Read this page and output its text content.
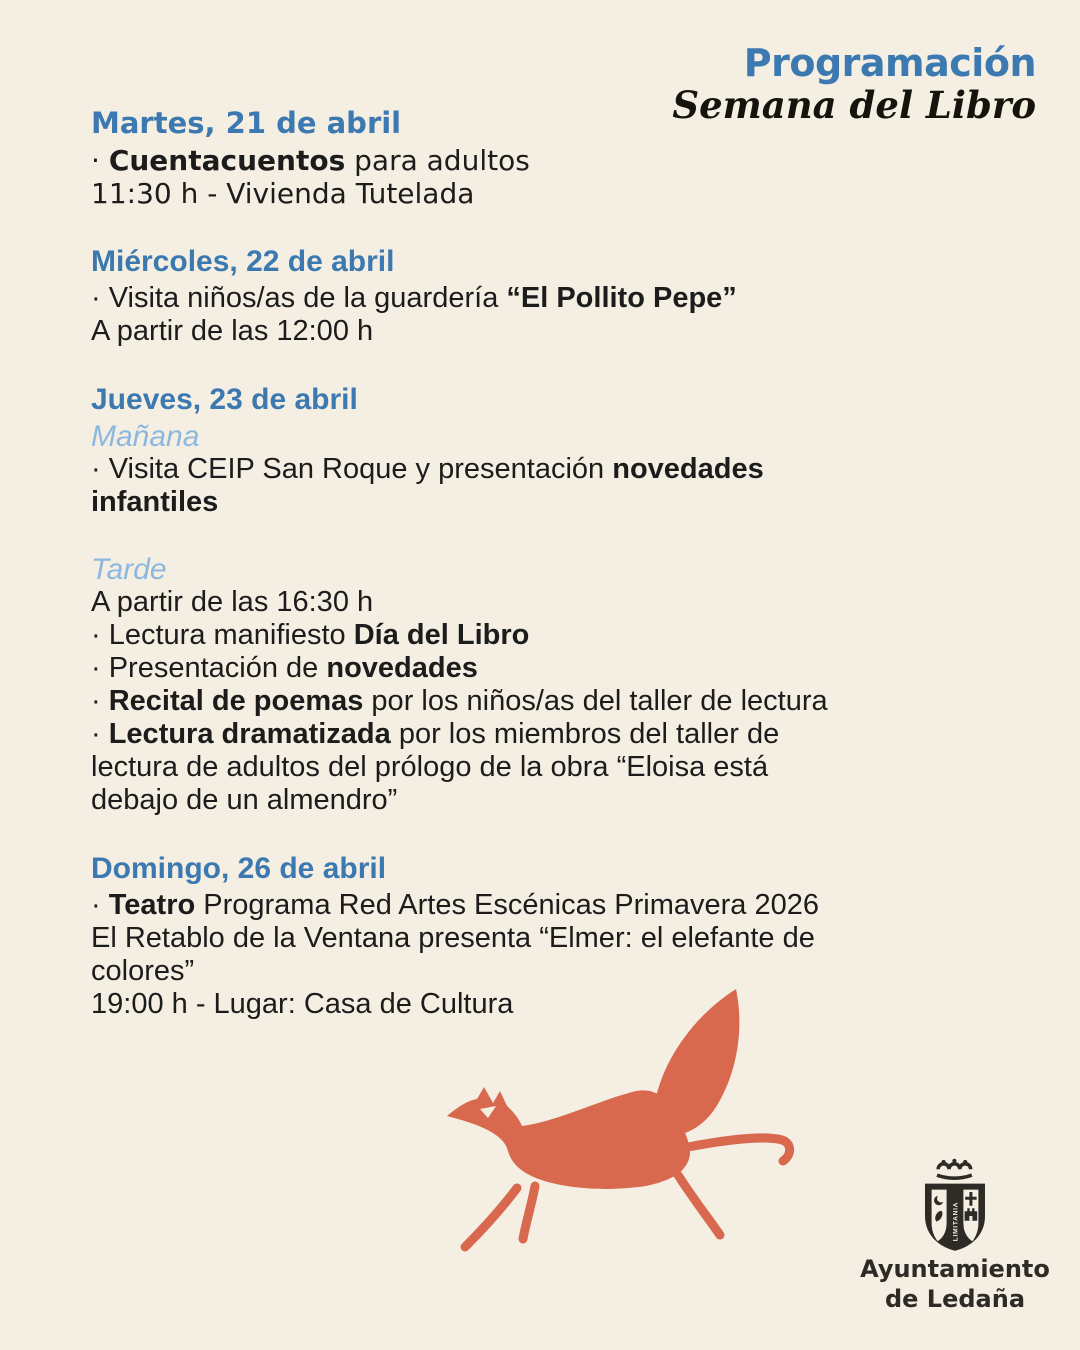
Programación
Semana del Libro
Martes, 21 de abril

· Cuentacuentos para adultos

11:30 h - Vivienda Tutelada

Miércoles, 22 de abril

· Visita niños/as de la guardería “El Pollito Pepe”

A partir de las 12:00 h

Jueves, 23 de abril
Mañana

· Visita CEIP San Roque y presentación novedades

infantiles

Tarde

A partir de las 16:30 h

· Lectura manifiesto Día del Libro

· Presentación de novedades

· Recital de poemas por los niños/as del taller de lectura

· Lectura dramatizada por los miembros del taller de

lectura de adultos del prólogo de la obra “Eloisa está

debajo de un almendro”

Domingo, 26 de abril

· Teatro Programa Red Artes Escénicas Primavera 2026

El Retablo de la Ventana presenta “Elmer: el elefante de

colores”

19:00 h - Lugar: Casa de Cultura

LIMITANIA
Ayuntamiento
de Ledaña
